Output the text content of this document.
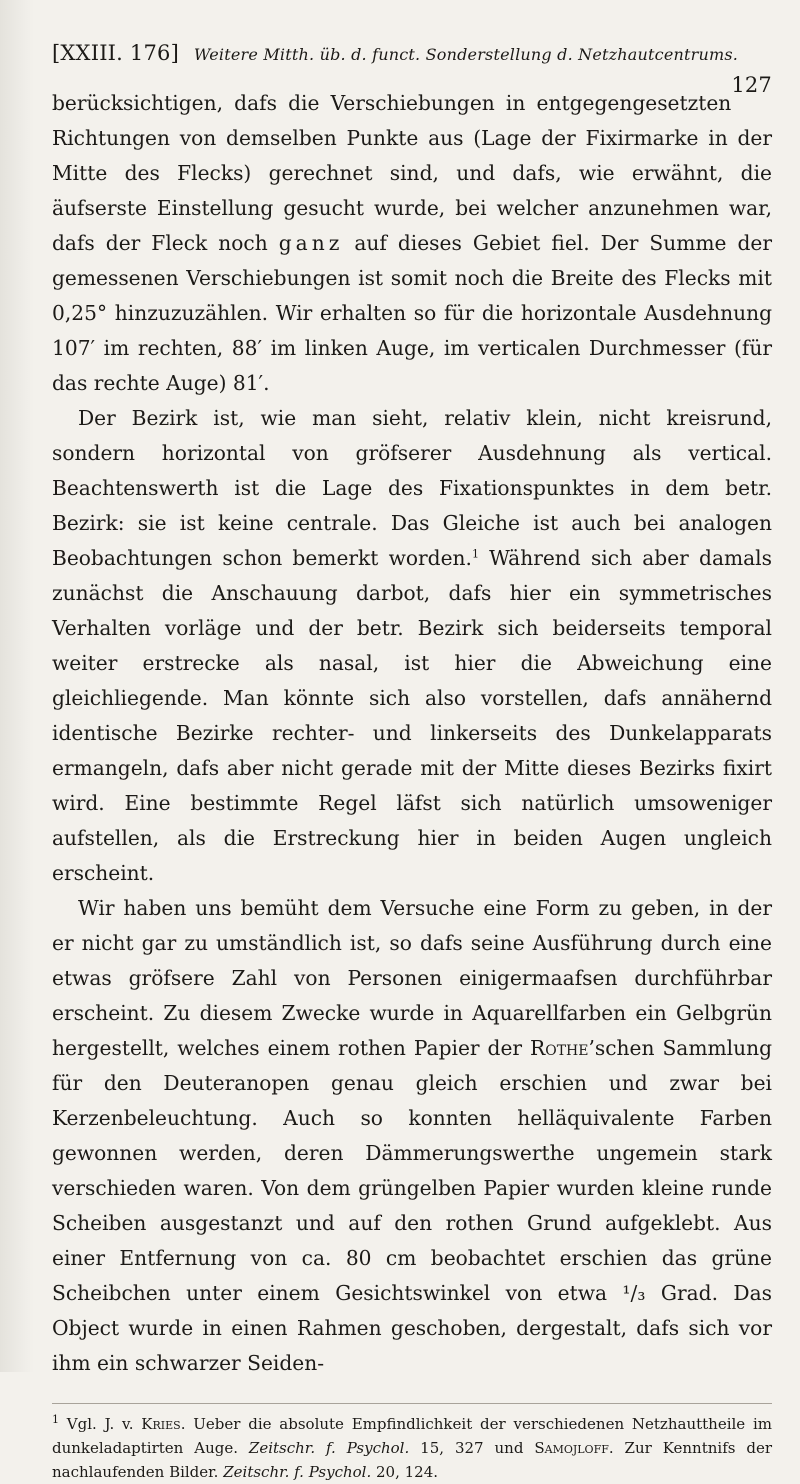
[XXIII. 176] Weitere Mitth. üb. d. funct. Sonderstellung d. Netzhautcentrums.
127

berücksichtigen, dafs die Verschiebungen in entgegengesetzten Richtungen von demselben Punkte aus (Lage der Fixirmarke in der Mitte des Flecks) gerechnet sind, und dafs, wie erwähnt, die äufserste Einstellung gesucht wurde, bei welcher anzunehmen war, dafs der Fleck noch ganz auf dieses Gebiet fiel. Der Summe der gemessenen Verschiebungen ist somit noch die Breite des Flecks mit 0,25° hinzuzuzählen. Wir erhalten so für die horizontale Ausdehnung 107′ im rechten, 88′ im linken Auge, im verticalen Durchmesser (für das rechte Auge) 81′.

Der Bezirk ist, wie man sieht, relativ klein, nicht kreisrund, sondern horizontal von gröfserer Ausdehnung als vertical. Beachtenswerth ist die Lage des Fixationspunktes in dem betr. Bezirk: sie ist keine centrale. Das Gleiche ist auch bei analogen Beobachtungen schon bemerkt worden.$^1$ Während sich aber damals zunächst die Anschauung darbot, dafs hier ein symmetrisches Verhalten vorläge und der betr. Bezirk sich beiderseits temporal weiter erstrecke als nasal, ist hier die Abweichung eine gleichliegende. Man könnte sich also vorstellen, dafs annähernd identische Bezirke rechter- und linkerseits des Dunkelapparats ermangeln, dafs aber nicht gerade mit der Mitte dieses Bezirks fixirt wird. Eine bestimmte Regel läfst sich natürlich umsoweniger aufstellen, als die Erstreckung hier in beiden Augen ungleich erscheint.

Wir haben uns bemüht dem Versuche eine Form zu geben, in der er nicht gar zu umständlich ist, so dafs seine Ausführung durch eine etwas gröfsere Zahl von Personen einigermaafsen durchführbar erscheint. Zu diesem Zwecke wurde in Aquarellfarben ein Gelbgrün hergestellt, welches einem rothen Papier der Rothe’schen Sammlung für den Deuteranopen genau gleich erschien und zwar bei Kerzenbeleuchtung. Auch so konnten helläquivalente Farben gewonnen werden, deren Dämmerungswerthe ungemein stark verschieden waren. Von dem grüngelben Papier wurden kleine runde Scheiben ausgestanzt und auf den rothen Grund aufgeklebt. Aus einer Entfernung von ca. 80 cm beobachtet erschien das grüne Scheibchen unter einem Gesichtswinkel von etwa ¹/₃ Grad. Das Object wurde in einen Rahmen geschoben, dergestalt, dafs sich vor ihm ein schwarzer Seiden-

$^1$ Vgl. J. v. Kries. Ueber die absolute Empfindlichkeit der verschiedenen Netzhauttheile im dunkeladaptirten Auge. Zeitschr. f. Psychol. 15, 327 und Samojloff. Zur Kenntnifs der nachlaufenden Bilder. Zeitschr. f. Psychol. 20, 124.
